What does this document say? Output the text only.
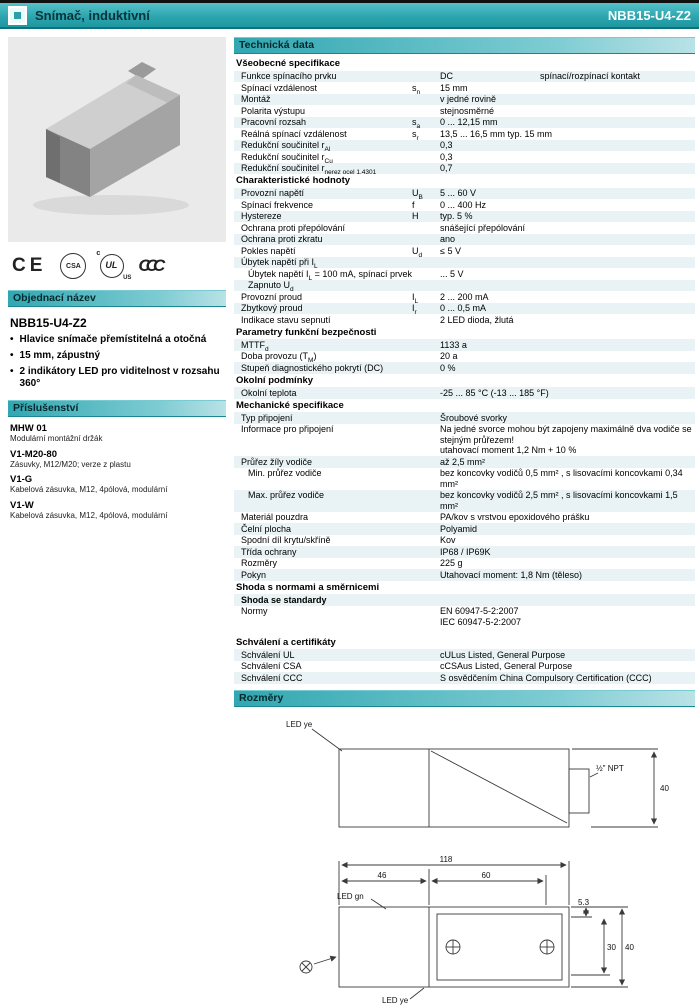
Snímač, induktivní	NBB15-U4-Z2
CE	CSA
c
UL
US
CCC
Objednací název
NBB15-U4-Z2
• Hlavice snímače přemístitelná a otočná
• 15 mm, zápustný
• 2 indikátory LED pro viditelnost v rozsahu 360°
Příslušenství
MHW 01
Modulární montážní držák
V1-M20-80
Zásuvky, M12/M20; verze z plastu
V1-G
Kabelová zásuvka, M12, 4pólová, modulární
V1-W
Kabelová zásuvka, M12, 4pólová, modulární
Technická data
Všeobecné specifikace
Funkce spínacího prvku	DC	spínací/rozpínací kontakt
Spínací vzdálenost	$s_n$	15 mm
Montáž	v jedné rovině
Polarita výstupu	stejnosměrné
Pracovní rozsah	$s_a$	0 ... 12,15 mm
Reálná spínací vzdálenost	$s_r$	13,5 ... 16,5 mm typ. 15 mm
Redukční součinitel $r_{Al}$	0,3
Redukční součinitel $r_{Cu}$	0,3
Redukční součinitel $r_{nerez ocel 1.4301}$	0,7
Charakteristické hodnoty
Provozní napětí	$U_B$	5 ... 60 V
Spínací frekvence	f	0 ... 400 Hz
Hystereze	H	typ. 5 %
Ochrana proti přepólování	snášející přepólování
Ochrana proti zkratu	ano
Pokles napětí	$U_d$	≤ 5 V
Úbytek napětí při $I_L$
Úbytek napětí $I_L = 100$ mA, spínací prvek	... 5 V
Zapnuto $U_d$
Provozní proud	$I_L$	2 ... 200 mA
Zbytkový proud	$I_r$	0 ... 0,5 mA
Indikace stavu sepnutí	2 LED dioda, žlutá
Parametry funkční bezpečnosti
$MTTF_d$	1133 a
Doba provozu $(T_M)$	20 a
Stupeň diagnostického pokrytí (DC)	0 %
Okolní podmínky
Okolní teplota	-25 ... 85 °C (-13 ... 185 °F)
Mechanické specifikace
Typ připojení	Šroubové svorky
Informace pro připojení	Na jedné svorce mohou být zapojeny maximálně dva vodiče se
stejným průřezem!
utahovací moment 1,2 Nm + 10 %
Průřez žíly vodiče	až 2,5 mm²
Min. průřez vodiče	bez koncovky vodičů 0,5 mm² , s lisovacími koncovkami 0,34 mm²
Max. průřez vodiče	bez koncovky vodičů 2,5 mm² , s lisovacími koncovkami 1,5 mm²
Materiál pouzdra	PA/kov s vrstvou epoxidového prášku
Čelní plocha	Polyamid
Spodní díl krytu/skříně	Kov
Třída ochrany	IP68 / IP69K
Rozměry	225 g
Pokyn	Utahovací moment: 1,8 Nm (těleso)
Shoda s normami a směrnicemi
Shoda se standardy
Normy	EN 60947-5-2:2007
IEC 60947-5-2:2007
Schválení a certifikáty
Schválení UL	cULus Listed, General Purpose
Schválení CSA	cCSAus Listed, General Purpose
Schválení CCC	S osvědčením China Compulsory Certification (CCC)
Rozměry
LED ye
½" NPT
40
118
46	60
LED gn
5.3
30 40
LED ye
